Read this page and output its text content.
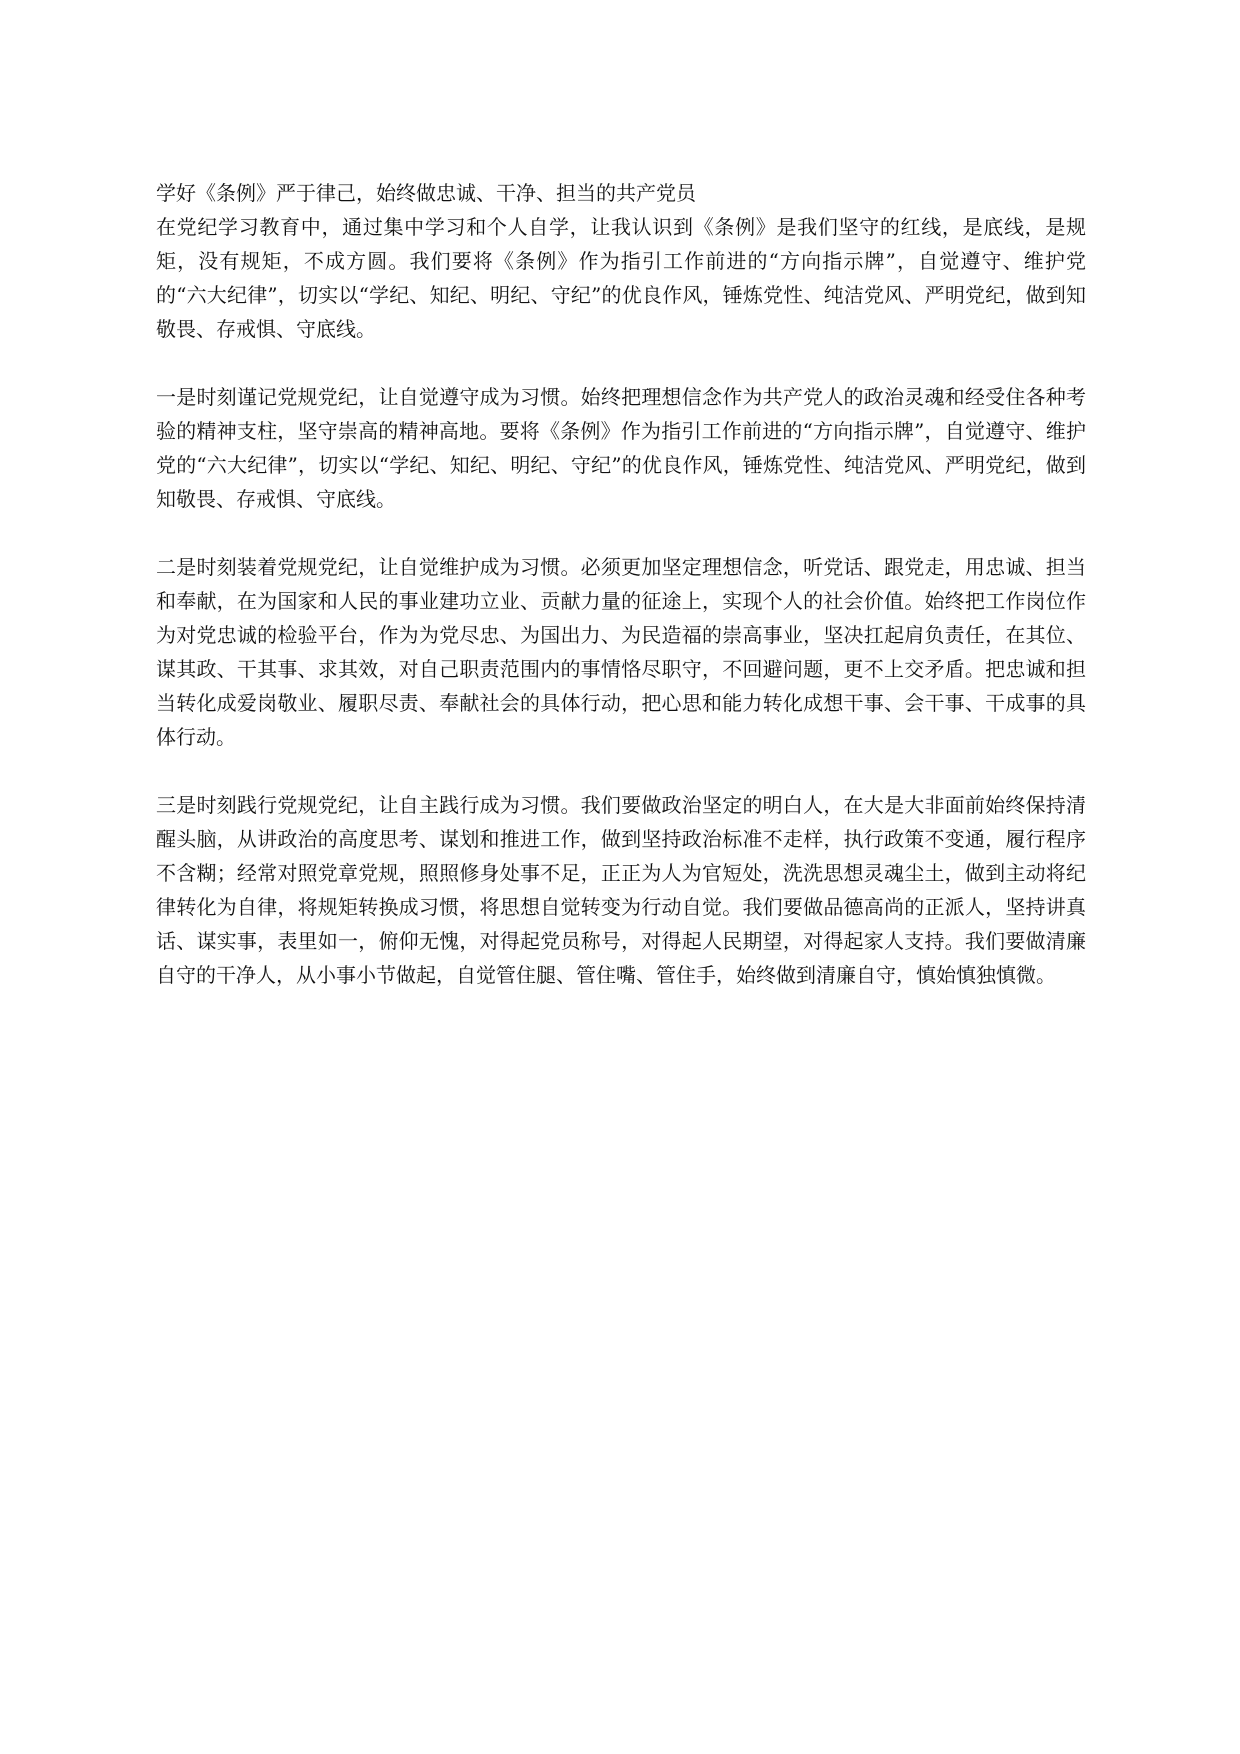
学好《条例》严于律己，始终做忠诚、干净、担当的共产党员

在党纪学习教育中，通过集中学习和个人自学，让我认识到《条例》是我们坚守的红线，是底线，是规矩，没有规矩，不成方圆。我们要将《条例》作为指引工作前进的“方向指示牌”，自觉遵守、维护党的“六大纪律”，切实以“学纪、知纪、明纪、守纪”的优良作风，锤炼党性、纯洁党风、严明党纪，做到知敬畏、存戒惧、守底线。

一是时刻谨记党规党纪，让自觉遵守成为习惯。始终把理想信念作为共产党人的政治灵魂和经受住各种考验的精神支柱，坚守崇高的精神高地。要将《条例》作为指引工作前进的“方向指示牌”，自觉遵守、维护党的“六大纪律”，切实以“学纪、知纪、明纪、守纪”的优良作风，锤炼党性、纯洁党风、严明党纪，做到知敬畏、存戒惧、守底线。

二是时刻装着党规党纪，让自觉维护成为习惯。必须更加坚定理想信念，听党话、跟党走，用忠诚、担当和奉献，在为国家和人民的事业建功立业、贡献力量的征途上，实现个人的社会价值。始终把工作岗位作为对党忠诚的检验平台，作为为党尽忠、为国出力、为民造福的崇高事业，坚决扛起肩负责任，在其位、谋其政、干其事、求其效，对自己职责范围内的事情恪尽职守，不回避问题，更不上交矛盾。把忠诚和担当转化成爱岗敬业、履职尽责、奉献社会的具体行动，把心思和能力转化成想干事、会干事、干成事的具体行动。

三是时刻践行党规党纪，让自主践行成为习惯。我们要做政治坚定的明白人，在大是大非面前始终保持清醒头脑，从讲政治的高度思考、谋划和推进工作，做到坚持政治标准不走样，执行政策不变通，履行程序不含糊；经常对照党章党规，照照修身处事不足，正正为人为官短处，洗洗思想灵魂尘土，做到主动将纪律转化为自律，将规矩转换成习惯，将思想自觉转变为行动自觉。我们要做品德高尚的正派人，坚持讲真话、谋实事，表里如一，俯仰无愧，对得起党员称号，对得起人民期望，对得起家人支持。我们要做清廉自守的干净人，从小事小节做起，自觉管住腿、管住嘴、管住手，始终做到清廉自守，慎始慎独慎微。
